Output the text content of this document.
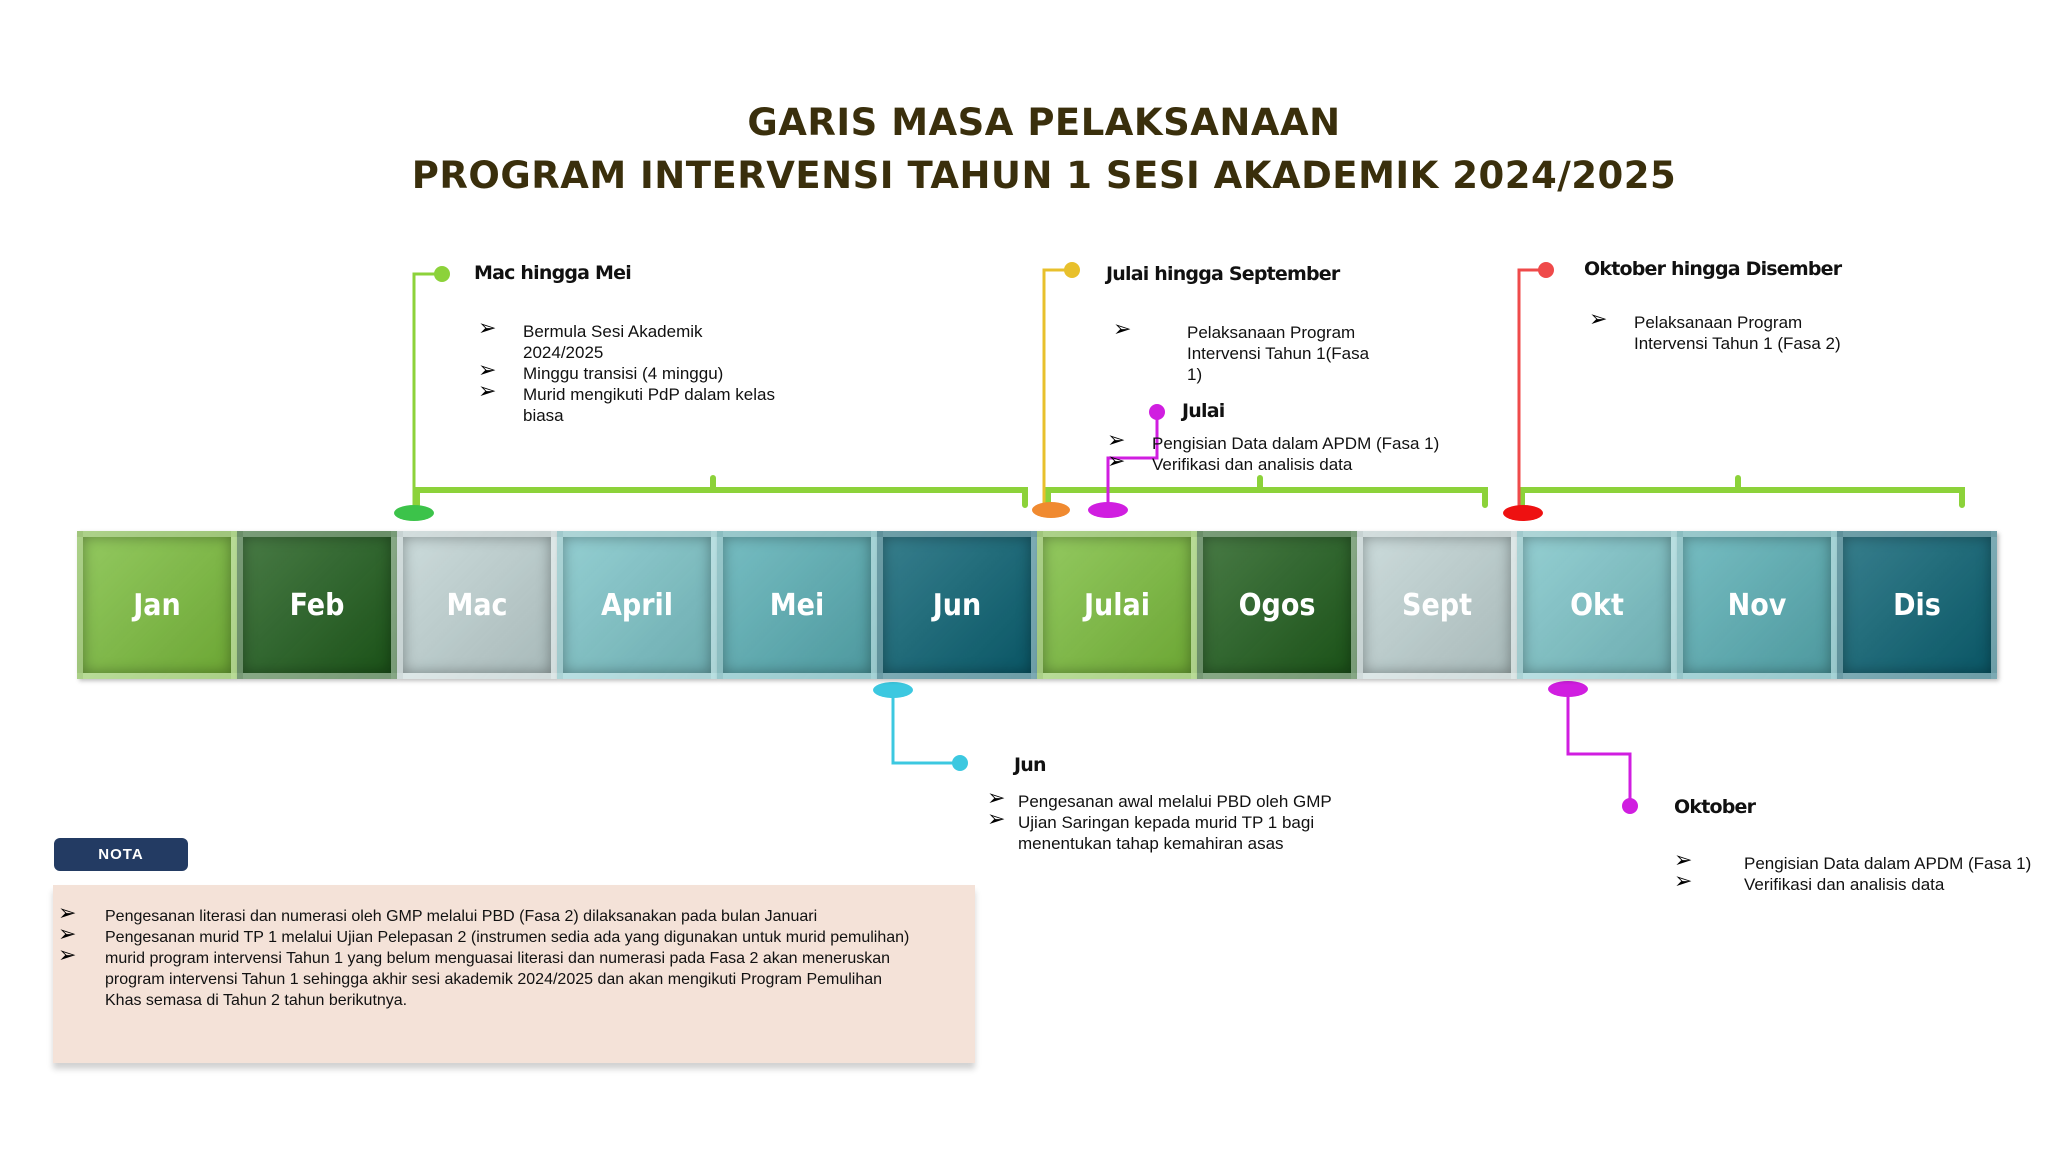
GARIS MASA PELAKSANAAN
PROGRAM INTERVENSI TAHUN 1 SESI AKADEMIK 2024/2025
Jan	Feb	Mac	April	Mei	Jun	Julai	Ogos	Sept	Okt	Nov	Dis
Mac hingga Mei
➢ Bermula Sesi Akademik 2024/2025
➢ Minggu transisi (4 minggu)
➢ Murid mengikuti PdP dalam kelas biasa
Julai hingga September
➢	Pelaksanaan Program Intervensi Tahun 1(Fasa 1)
Oktober hingga Disember
➢ Pelaksanaan Program Intervensi Tahun 1 (Fasa 2)
Julai
➢ Pengisian Data dalam APDM (Fasa 1)
➢ Verifikasi dan analisis data
Jun
➢ Pengesanan awal melalui PBD oleh GMP
➢ Ujian Saringan kepada murid TP 1 bagi menentukan tahap kemahiran asas
Oktober
➢	Pengisian Data dalam APDM (Fasa 1)
➢	Verifikasi dan analisis data
NOTA
➢ Pengesanan literasi dan numerasi oleh GMP melalui PBD (Fasa 2) dilaksanakan pada bulan Januari
➢ Pengesanan murid TP 1 melalui Ujian Pelepasan 2 (instrumen sedia ada yang digunakan untuk murid pemulihan)
➢ murid program intervensi Tahun 1 yang belum menguasai literasi dan numerasi pada Fasa 2 akan meneruskan program intervensi Tahun 1 sehingga akhir sesi akademik 2024/2025 dan akan mengikuti Program Pemulihan Khas semasa di Tahun 2 tahun berikutnya.
